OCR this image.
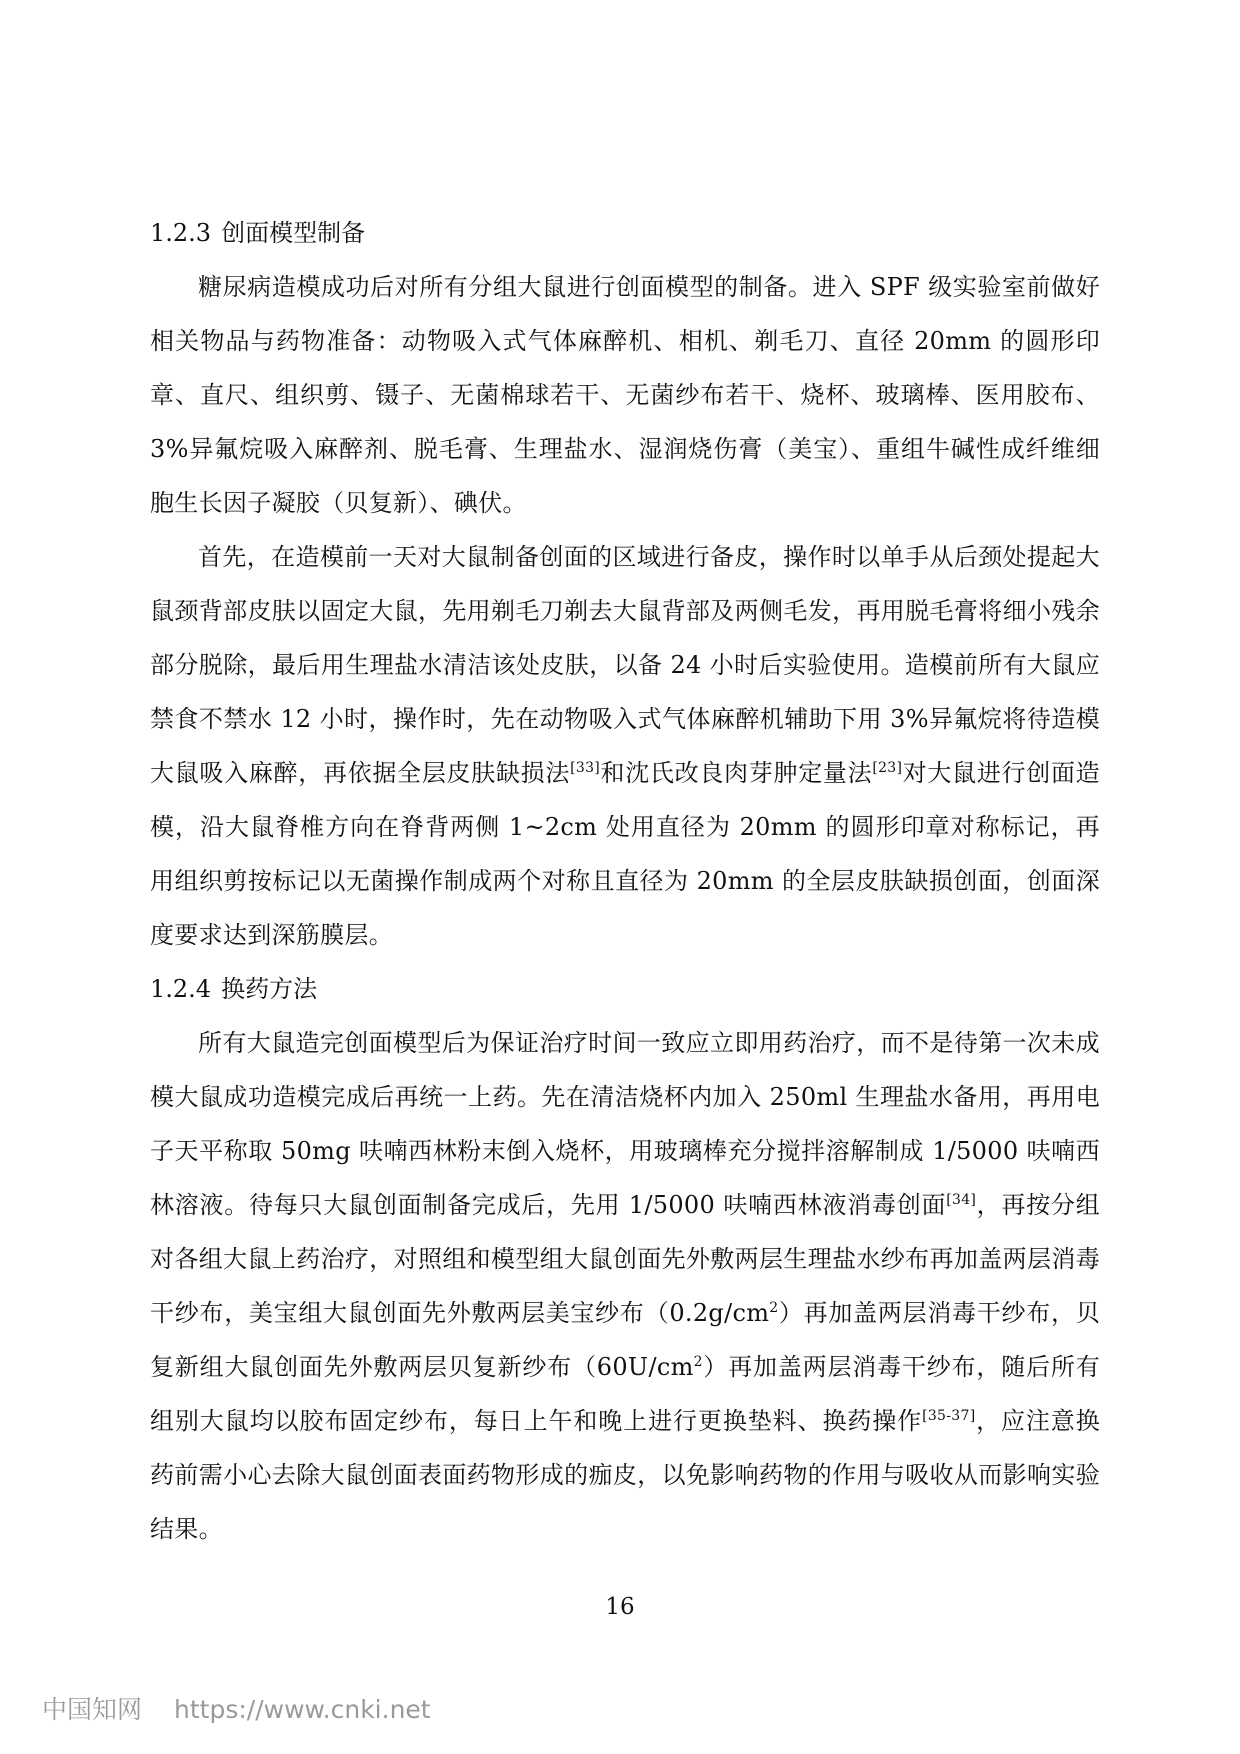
1.2.3 创面模型制备

糖尿病造模成功后对所有分组大鼠进行创面模型的制备。进入 SPF 级实验室前做好相关物品与药物准备：动物吸入式气体麻醉机、相机、剃毛刀、直径 20mm 的圆形印章、直尺、组织剪、镊子、无菌棉球若干、无菌纱布若干、烧杯、玻璃棒、医用胶布、3%异氟烷吸入麻醉剂、脱毛膏、生理盐水、湿润烧伤膏（美宝）、重组牛碱性成纤维细胞生长因子凝胶（贝复新）、碘伏。

首先，在造模前一天对大鼠制备创面的区域进行备皮，操作时以单手从后颈处提起大鼠颈背部皮肤以固定大鼠，先用剃毛刀剃去大鼠背部及两侧毛发，再用脱毛膏将细小残余部分脱除，最后用生理盐水清洁该处皮肤，以备 24 小时后实验使用。造模前所有大鼠应禁食不禁水 12 小时，操作时，先在动物吸入式气体麻醉机辅助下用 3%异氟烷将待造模大鼠吸入麻醉，再依据全层皮肤缺损法[33]和沈氏改良肉芽肿定量法[23]对大鼠进行创面造模，沿大鼠脊椎方向在脊背两侧 1~2cm 处用直径为 20mm 的圆形印章对称标记，再用组织剪按标记以无菌操作制成两个对称且直径为 20mm 的全层皮肤缺损创面，创面深度要求达到深筋膜层。

1.2.4 换药方法

所有大鼠造完创面模型后为保证治疗时间一致应立即用药治疗，而不是待第一次未成模大鼠成功造模完成后再统一上药。先在清洁烧杯内加入 250ml 生理盐水备用，再用电子天平称取 50mg 呋喃西林粉末倒入烧杯，用玻璃棒充分搅拌溶解制成 1/5000 呋喃西林溶液。待每只大鼠创面制备完成后，先用 1/5000 呋喃西林液消毒创面[34]，再按分组对各组大鼠上药治疗，对照组和模型组大鼠创面先外敷两层生理盐水纱布再加盖两层消毒干纱布，美宝组大鼠创面先外敷两层美宝纱布$(0.2g/cm^2)$再加盖两层消毒干纱布，贝复新组大鼠创面先外敷两层贝复新纱布$(60U/cm^2)$再加盖两层消毒干纱布，随后所有组别大鼠均以胶布固定纱布，每日上午和晚上进行更换垫料、换药操作[35-37]，应注意换药前需小心去除大鼠创面表面药物形成的痂皮，以免影响药物的作用与吸收从而影响实验结果。

16
中国知网 https://www.cnki.net
